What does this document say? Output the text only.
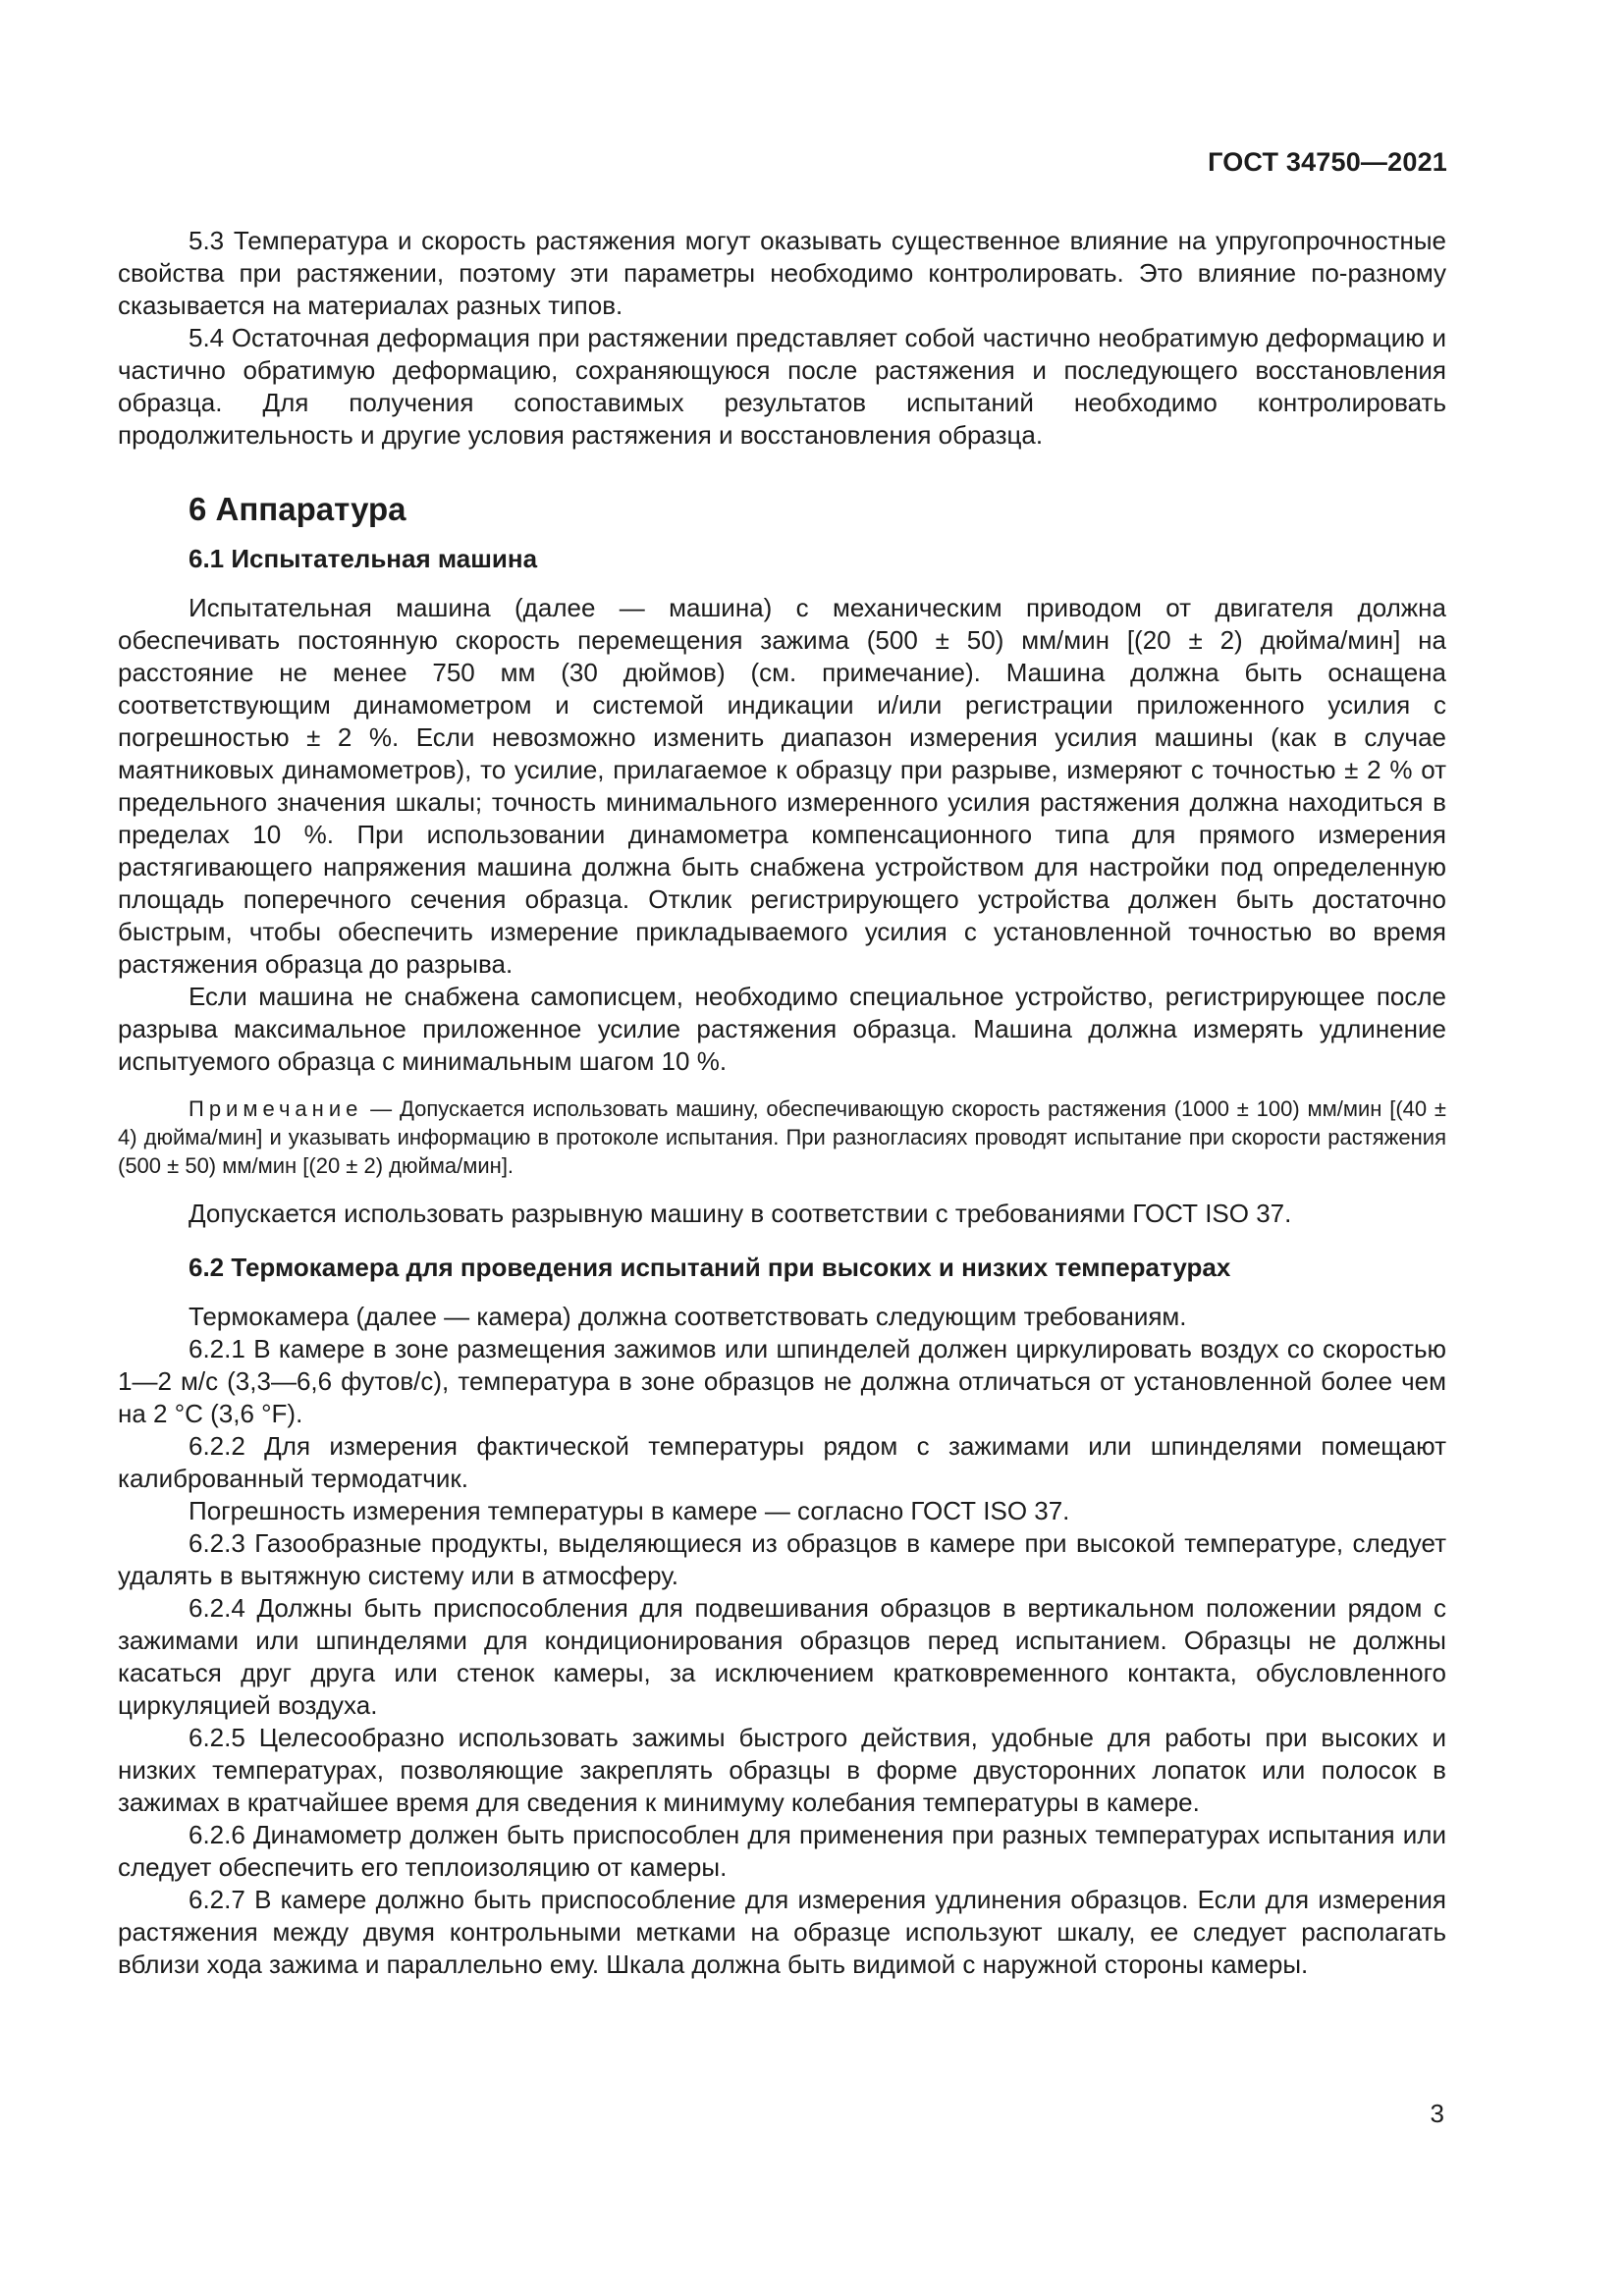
ГОСТ 34750—2021

5.3 Температура и скорость растяжения могут оказывать существенное влияние на упругопрочностные свойства при растяжении, поэтому эти параметры необходимо контролировать. Это влияние по-разному сказывается на материалах разных типов.

5.4 Остаточная деформация при растяжении представляет собой частично необратимую деформацию и частично обратимую деформацию, сохраняющуюся после растяжения и последующего восстановления образца. Для получения сопоставимых результатов испытаний необходимо контролировать продолжительность и другие условия растяжения и восстановления образца.

6 Аппаратура
6.1 Испытательная машина

Испытательная машина (далее — машина) с механическим приводом от двигателя должна обеспечивать постоянную скорость перемещения зажима (500 ± 50) мм/мин [(20 ± 2) дюйма/мин] на расстояние не менее 750 мм (30 дюймов) (см. примечание). Машина должна быть оснащена соответствующим динамометром и системой индикации и/или регистрации приложенного усилия с погрешностью ± 2 %. Если невозможно изменить диапазон измерения усилия машины (как в случае маятниковых динамометров), то усилие, прилагаемое к образцу при разрыве, измеряют с точностью ± 2 % от предельного значения шкалы; точность минимального измеренного усилия растяжения должна находиться в пределах 10 %. При использовании динамометра компенсационного типа для прямого измерения растягивающего напряжения машина должна быть снабжена устройством для настройки под определенную площадь поперечного сечения образца. Отклик регистрирующего устройства должен быть достаточно быстрым, чтобы обеспечить измерение прикладываемого усилия с установленной точностью во время растяжения образца до разрыва.

Если машина не снабжена самописцем, необходимо специальное устройство, регистрирующее после разрыва максимальное приложенное усилие растяжения образца. Машина должна измерять удлинение испытуемого образца с минимальным шагом 10 %.

Примечание — Допускается использовать машину, обеспечивающую скорость растяжения (1000 ± 100) мм/мин [(40 ± 4) дюйма/мин] и указывать информацию в протоколе испытания. При разногласиях проводят испытание при скорости растяжения (500 ± 50) мм/мин [(20 ± 2) дюйма/мин].

Допускается использовать разрывную машину в соответствии с требованиями ГОСТ ISO 37.

6.2 Термокамера для проведения испытаний при высоких и низких температурах

Термокамера (далее — камера) должна соответствовать следующим требованиям.

6.2.1 В камере в зоне размещения зажимов или шпинделей должен циркулировать воздух со скоростью 1—2 м/с (3,3—6,6 футов/с), температура в зоне образцов не должна отличаться от установленной более чем на 2 °С (3,6 °F).

6.2.2 Для измерения фактической температуры рядом с зажимами или шпинделями помещают калиброванный термодатчик.

Погрешность измерения температуры в камере — согласно ГОСТ ISO 37.

6.2.3 Газообразные продукты, выделяющиеся из образцов в камере при высокой температуре, следует удалять в вытяжную систему или в атмосферу.

6.2.4 Должны быть приспособления для подвешивания образцов в вертикальном положении рядом с зажимами или шпинделями для кондиционирования образцов перед испытанием. Образцы не должны касаться друг друга или стенок камеры, за исключением кратковременного контакта, обусловленного циркуляцией воздуха.

6.2.5 Целесообразно использовать зажимы быстрого действия, удобные для работы при высоких и низких температурах, позволяющие закреплять образцы в форме двусторонних лопаток или полосок в зажимах в кратчайшее время для сведения к минимуму колебания температуры в камере.

6.2.6 Динамометр должен быть приспособлен для применения при разных температурах испытания или следует обеспечить его теплоизоляцию от камеры.

6.2.7 В камере должно быть приспособление для измерения удлинения образцов. Если для измерения растяжения между двумя контрольными метками на образце используют шкалу, ее следует располагать вблизи хода зажима и параллельно ему. Шкала должна быть видимой с наружной стороны камеры.

3
